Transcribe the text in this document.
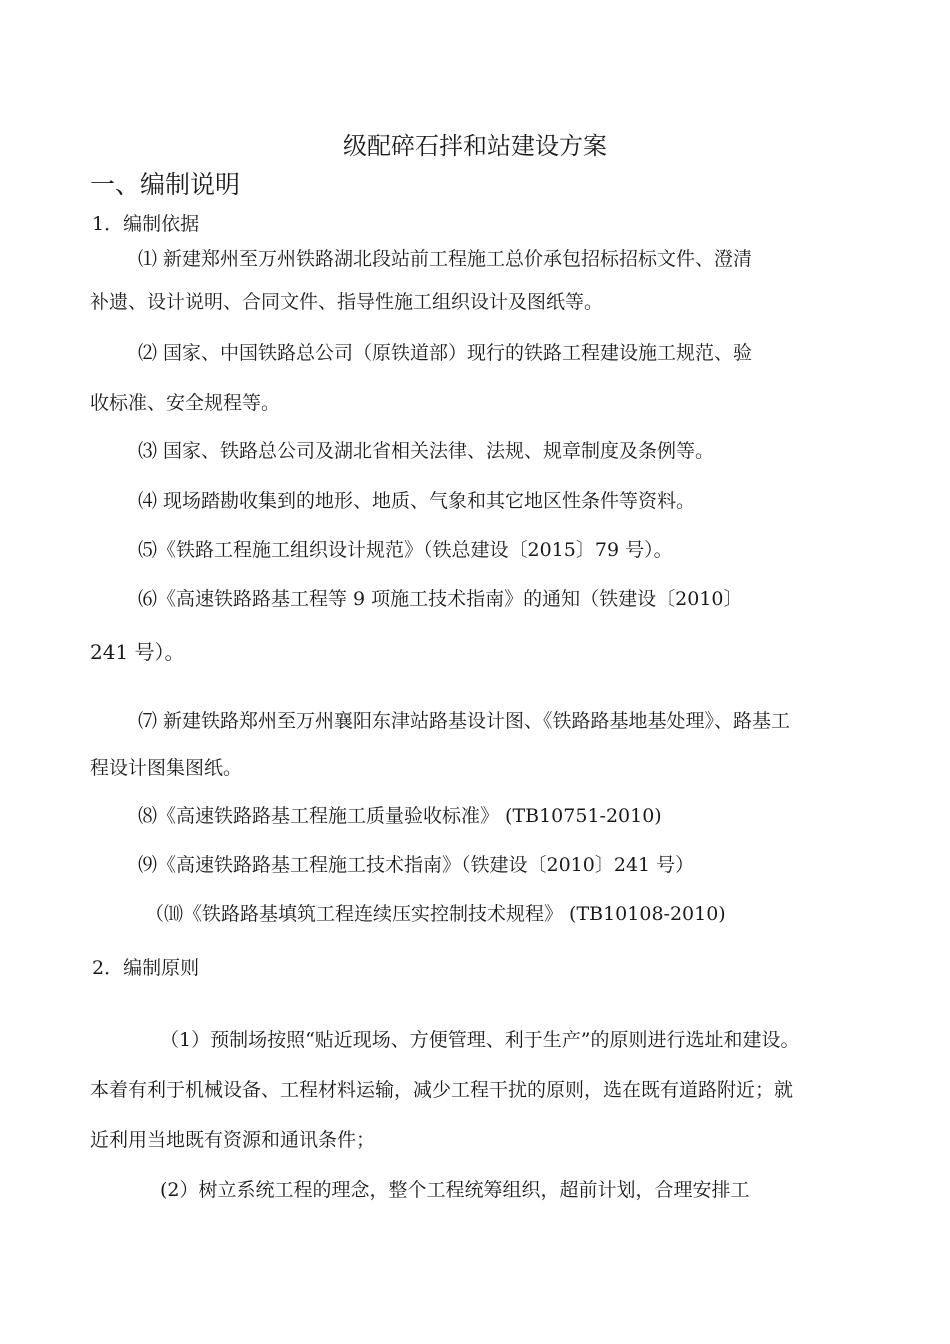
级配碎石拌和站建设方案
一、编制说明
1．编制依据
⑴ 新建郑州至万州铁路湖北段站前工程施工总价承包招标招标文件、澄清
补遗、设计说明、合同文件、指导性施工组织设计及图纸等。
⑵ 国家、中国铁路总公司（原铁道部）现行的铁路工程建设施工规范、验
收标准、安全规程等。
⑶ 国家、铁路总公司及湖北省相关法律、法规、规章制度及条例等。
⑷ 现场踏勘收集到的地形、地质、气象和其它地区性条件等资料。
⑸《铁路工程施工组织设计规范》（铁总建设〔2015〕79 号）。
⑹《高速铁路路基工程等 9 项施工技术指南》的通知（铁建设〔2010〕
241 号）。
⑺ 新建铁路郑州至万州襄阳东津站路基设计图、《铁路路基地基处理》、路基工
程设计图集图纸。
⑻《高速铁路路基工程施工质量验收标准》 (TB10751-2010)
⑼《高速铁路路基工程施工技术指南》（铁建设〔2010〕241 号）
（⑽《铁路路基填筑工程连续压实控制技术规程》 (TB10108-2010)
2．编制原则
（1）预制场按照“贴近现场、方便管理、利于生产”的原则进行选址和建设。
本着有利于机械设备、工程材料运输，减少工程干扰的原则，选在既有道路附近；就
近利用当地既有资源和通讯条件；
(2）树立系统工程的理念，整个工程统筹组织，超前计划，合理安排工
